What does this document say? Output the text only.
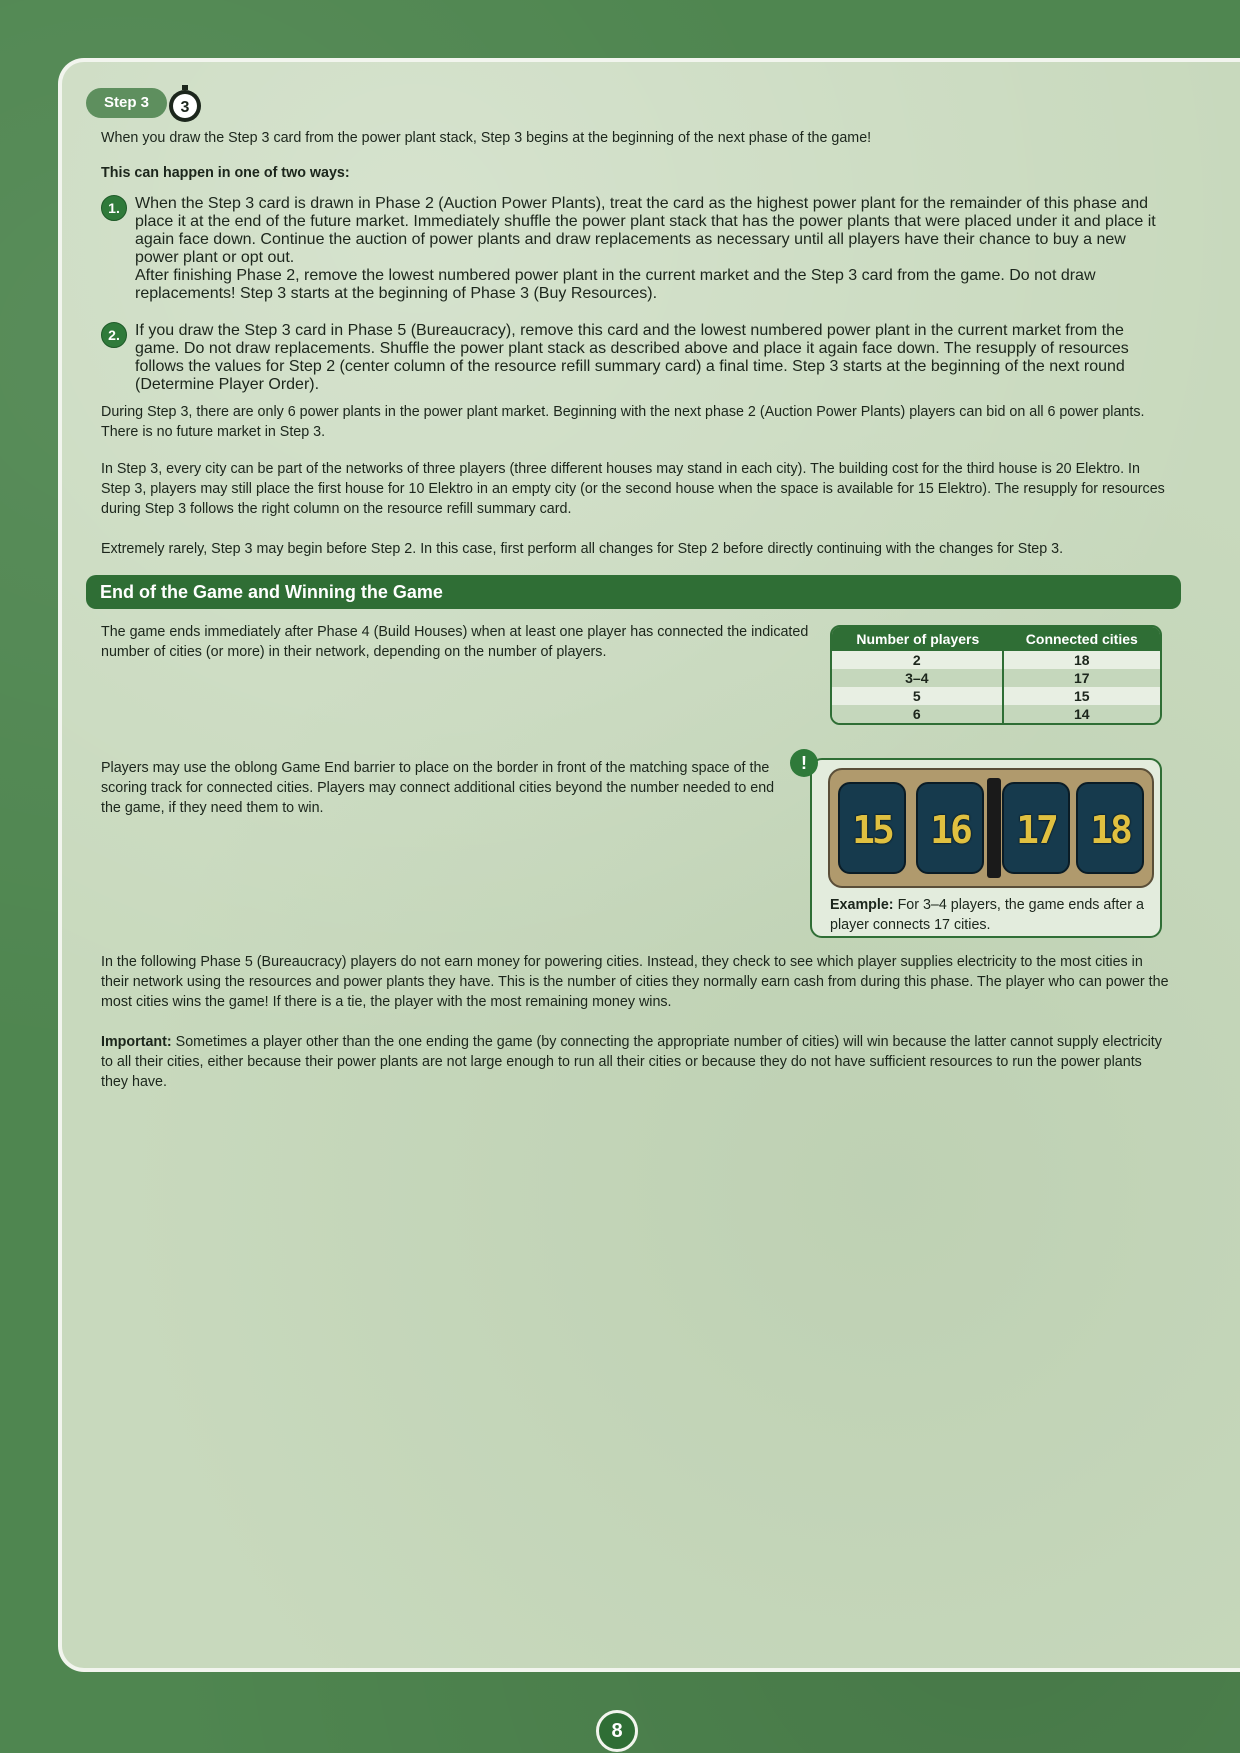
Step 3	3

When you draw the Step 3 card from the power plant stack, Step 3 begins at the beginning of the next phase of the game!

This can happen in one of two ways:

1. When the Step 3 card is drawn in Phase 2 (Auction Power Plants), treat the card as the highest power plant for the remainder of this phase and place it at the end of the future market. Immediately shuffle the power plant stack that has the power plants that were placed under it and place it again face down. Continue the auction of power plants and draw replacements as necessary until all players have their chance to buy a new power plant or opt out.

After finishing Phase 2, remove the lowest numbered power plant in the current market and the Step 3 card from the game. Do not draw replacements! Step 3 starts at the beginning of Phase 3 (Buy Resources).

2. If you draw the Step 3 card in Phase 5 (Bureaucracy), remove this card and the lowest numbered power plant in the current market from the game. Do not draw replacements. Shuffle the power plant stack as described above and place it again face down. The resupply of resources follows the values for Step 2 (center column of the resource refill summary card) a final time. Step 3 starts at the beginning of the next round (Determine Player Order).

During Step 3, there are only 6 power plants in the power plant market. Beginning with the next phase 2 (Auction Power Plants) players can bid on all 6 power plants. There is no future market in Step 3.

In Step 3, every city can be part of the networks of three players (three different houses may stand in each city). The building cost for the third house is 20 Elektro. In Step 3, players may still place the first house for 10 Elektro in an empty city (or the second house when the space is available for 15 Elektro). The resupply for resources during Step 3 follows the right column on the resource refill summary card.

Extremely rarely, Step 3 may begin before Step 2. In this case, first perform all changes for Step 2 before directly continuing with the changes for Step 3.

End of the Game and Winning the Game

The game ends immediately after Phase 4 (Build Houses) when at least one player has connected the indicated number of cities (or more) in their network, depending on the number of players.

Number of players	Connected cities
2	18
3–4	17
5	15
6	14

Players may use the oblong Game End barrier to place on the border in front of the matching space of the scoring track for connected cities. Players may connect additional cities beyond the number needed to end the game, if they need them to win.

!
15	16	17 18

Example: For 3–4 players, the game ends after a player connects 17 cities.

In the following Phase 5 (Bureaucracy) players do not earn money for powering cities. Instead, they check to see which player supplies electricity to the most cities in their network using the resources and power plants they have. This is the number of cities they normally earn cash from during this phase. The player who can power the most cities wins the game! If there is a tie, the player with the most remaining money wins.

Important: Sometimes a player other than the one ending the game (by connecting the appropriate number of cities) will win because the latter cannot supply electricity to all their cities, either because their power plants are not large enough to run all their cities or because they do not have sufficient resources to run the power plants they have.

8
